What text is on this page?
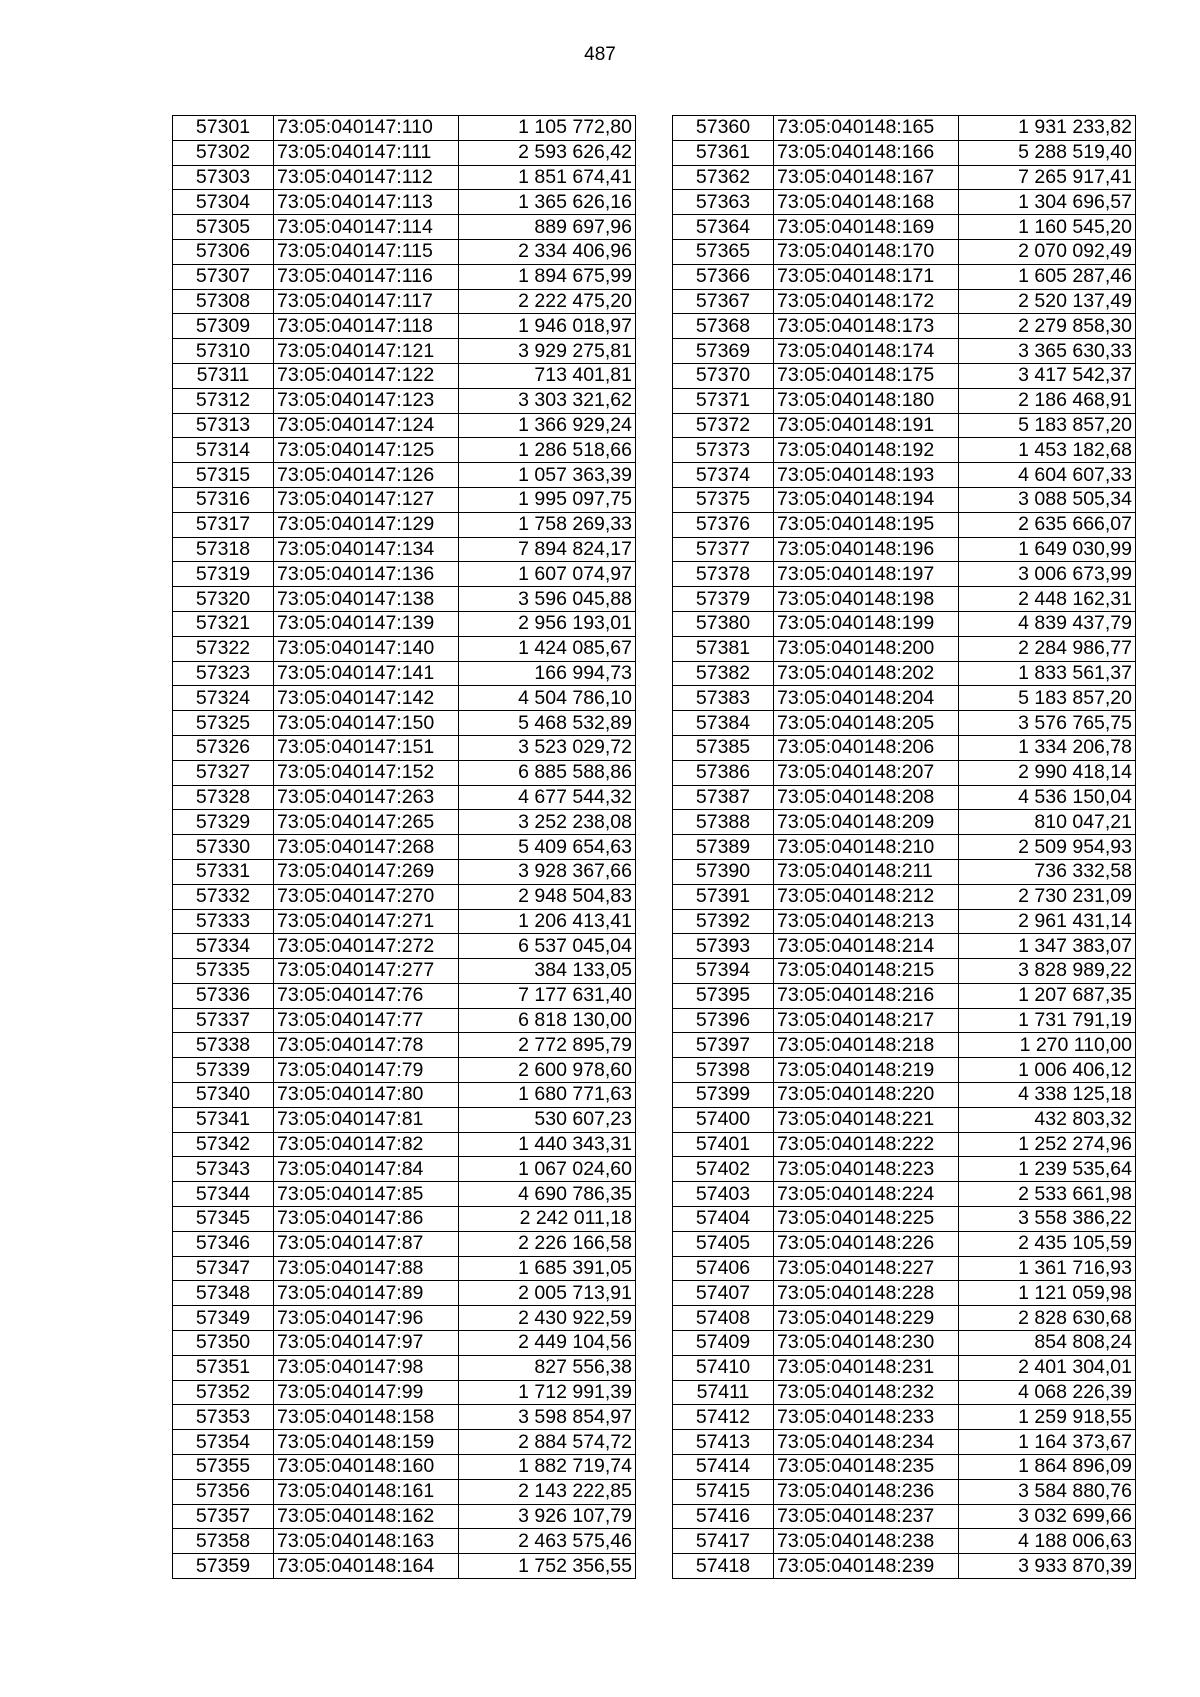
487
57301	73:05:040147:110	1 105 772,80
57302	73:05:040147:111	2 593 626,42
57303	73:05:040147:112	1 851 674,41
57304	73:05:040147:113	1 365 626,16
57305	73:05:040147:114	889 697,96
57306	73:05:040147:115	2 334 406,96
57307	73:05:040147:116	1 894 675,99
57308	73:05:040147:117	2 222 475,20
57309	73:05:040147:118	1 946 018,97
57310	73:05:040147:121	3 929 275,81
57311	73:05:040147:122	713 401,81
57312	73:05:040147:123	3 303 321,62
57313	73:05:040147:124	1 366 929,24
57314	73:05:040147:125	1 286 518,66
57315	73:05:040147:126	1 057 363,39
57316	73:05:040147:127	1 995 097,75
57317	73:05:040147:129	1 758 269,33
57318	73:05:040147:134	7 894 824,17
57319	73:05:040147:136	1 607 074,97
57320	73:05:040147:138	3 596 045,88
57321	73:05:040147:139	2 956 193,01
57322	73:05:040147:140	1 424 085,67
57323	73:05:040147:141	166 994,73
57324	73:05:040147:142	4 504 786,10
57325	73:05:040147:150	5 468 532,89
57326	73:05:040147:151	3 523 029,72
57327	73:05:040147:152	6 885 588,86
57328	73:05:040147:263	4 677 544,32
57329	73:05:040147:265	3 252 238,08
57330	73:05:040147:268	5 409 654,63
57331	73:05:040147:269	3 928 367,66
57332	73:05:040147:270	2 948 504,83
57333	73:05:040147:271	1 206 413,41
57334	73:05:040147:272	6 537 045,04
57335	73:05:040147:277	384 133,05
57336	73:05:040147:76	7 177 631,40
57337	73:05:040147:77	6 818 130,00
57338	73:05:040147:78	2 772 895,79
57339	73:05:040147:79	2 600 978,60
57340	73:05:040147:80	1 680 771,63
57341	73:05:040147:81	530 607,23
57342	73:05:040147:82	1 440 343,31
57343	73:05:040147:84	1 067 024,60
57344	73:05:040147:85	4 690 786,35
57345	73:05:040147:86	2 242 011,18
57346	73:05:040147:87	2 226 166,58
57347	73:05:040147:88	1 685 391,05
57348	73:05:040147:89	2 005 713,91
57349	73:05:040147:96	2 430 922,59
57350	73:05:040147:97	2 449 104,56
57351	73:05:040147:98	827 556,38
57352	73:05:040147:99	1 712 991,39
57353	73:05:040148:158	3 598 854,97
57354	73:05:040148:159	2 884 574,72
57355	73:05:040148:160	1 882 719,74
57356	73:05:040148:161	2 143 222,85
57357	73:05:040148:162	3 926 107,79
57358	73:05:040148:163	2 463 575,46
57359	73:05:040148:164	1 752 356,55
57360	73:05:040148:165	1 931 233,82
57361	73:05:040148:166	5 288 519,40
57362	73:05:040148:167	7 265 917,41
57363	73:05:040148:168	1 304 696,57
57364	73:05:040148:169	1 160 545,20
57365	73:05:040148:170	2 070 092,49
57366	73:05:040148:171	1 605 287,46
57367	73:05:040148:172	2 520 137,49
57368	73:05:040148:173	2 279 858,30
57369	73:05:040148:174	3 365 630,33
57370	73:05:040148:175	3 417 542,37
57371	73:05:040148:180	2 186 468,91
57372	73:05:040148:191	5 183 857,20
57373	73:05:040148:192	1 453 182,68
57374	73:05:040148:193	4 604 607,33
57375	73:05:040148:194	3 088 505,34
57376	73:05:040148:195	2 635 666,07
57377	73:05:040148:196	1 649 030,99
57378	73:05:040148:197	3 006 673,99
57379	73:05:040148:198	2 448 162,31
57380	73:05:040148:199	4 839 437,79
57381	73:05:040148:200	2 284 986,77
57382	73:05:040148:202	1 833 561,37
57383	73:05:040148:204	5 183 857,20
57384	73:05:040148:205	3 576 765,75
57385	73:05:040148:206	1 334 206,78
57386	73:05:040148:207	2 990 418,14
57387	73:05:040148:208	4 536 150,04
57388	73:05:040148:209	810 047,21
57389	73:05:040148:210	2 509 954,93
57390	73:05:040148:211	736 332,58
57391	73:05:040148:212	2 730 231,09
57392	73:05:040148:213	2 961 431,14
57393	73:05:040148:214	1 347 383,07
57394	73:05:040148:215	3 828 989,22
57395	73:05:040148:216	1 207 687,35
57396	73:05:040148:217	1 731 791,19
57397	73:05:040148:218	1 270 110,00
57398	73:05:040148:219	1 006 406,12
57399	73:05:040148:220	4 338 125,18
57400	73:05:040148:221	432 803,32
57401	73:05:040148:222	1 252 274,96
57402	73:05:040148:223	1 239 535,64
57403	73:05:040148:224	2 533 661,98
57404	73:05:040148:225	3 558 386,22
57405	73:05:040148:226	2 435 105,59
57406	73:05:040148:227	1 361 716,93
57407	73:05:040148:228	1 121 059,98
57408	73:05:040148:229	2 828 630,68
57409	73:05:040148:230	854 808,24
57410	73:05:040148:231	2 401 304,01
57411	73:05:040148:232	4 068 226,39
57412	73:05:040148:233	1 259 918,55
57413	73:05:040148:234	1 164 373,67
57414	73:05:040148:235	1 864 896,09
57415	73:05:040148:236	3 584 880,76
57416	73:05:040148:237	3 032 699,66
57417	73:05:040148:238	4 188 006,63
57418	73:05:040148:239	3 933 870,39
